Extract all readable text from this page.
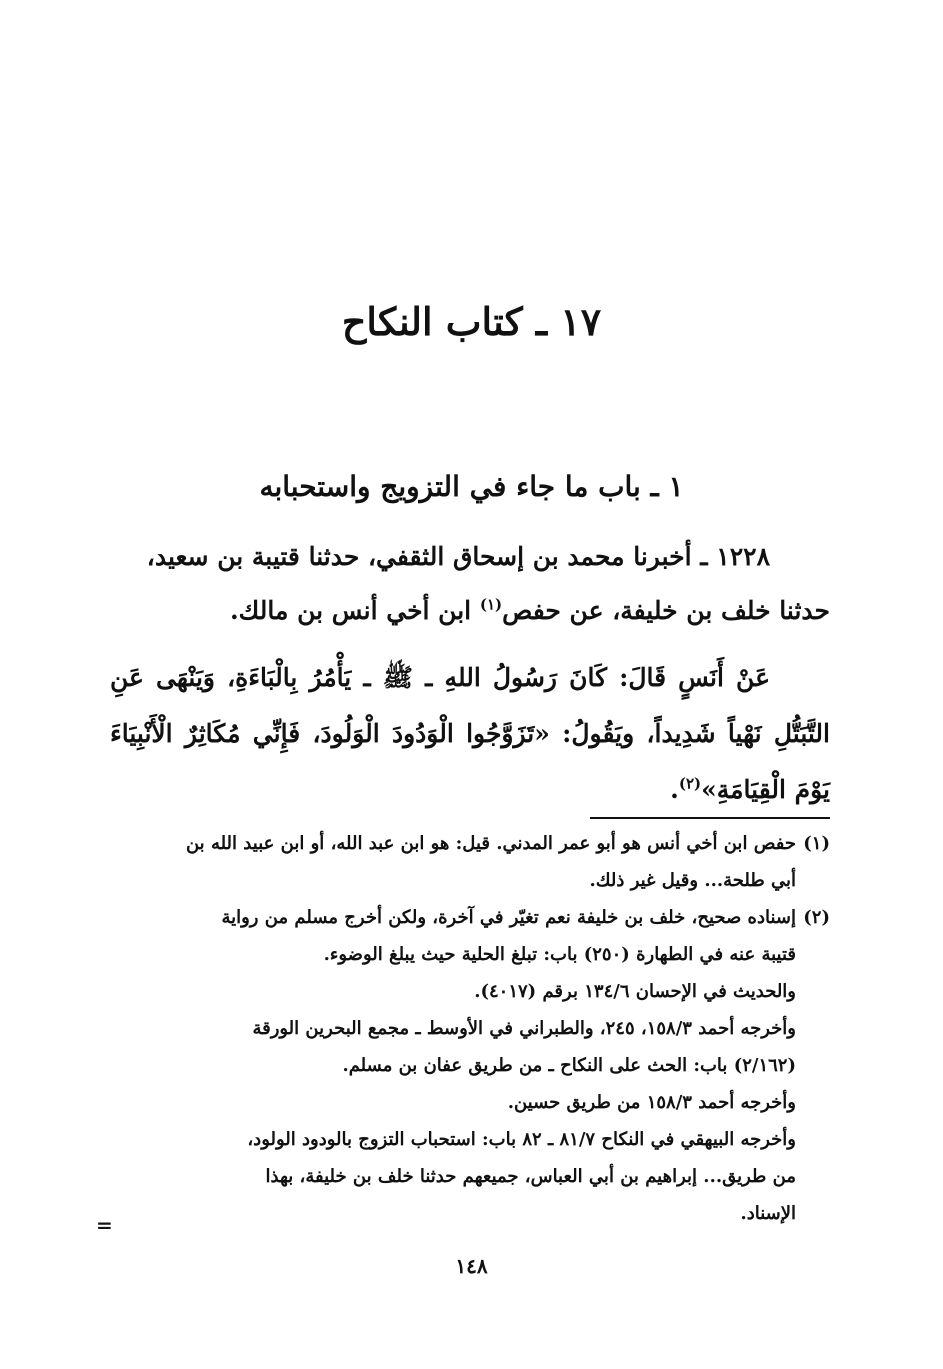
١٧ ـ كتاب النكاح
١ ـ باب ما جاء في التزويج واستحبابه

١٢٢٨ ـ أخبرنا محمد بن إسحاق الثقفي، حدثنا قتيبة بن سعيد،

حدثنا خلف بن خليفة، عن حفص$^{(١)}$ ابن أخي أنس بن مالك.

عَنْ أَنَسٍ قَالَ: كَانَ رَسُولُ اللهِ ـ ﷺ ـ يَأْمُرُ بِالْبَاءَةِ، وَيَنْهَى عَنِ التَّبَتُّلِ نَهْياً شَدِيداً، ويَقُولُ: «تَزَوَّجُوا الْوَدُودَ الْوَلُودَ، فَإِنِّي مُكَاثِرٌ الْأَنْبِيَاءَ يَوْمَ الْقِيَامَةِ»$^{(٢)}$.

(١)
حفص ابن أخي أنس هو أبو عمر المدني. قيل: هو ابن عبد الله، أو ابن عبيد الله بن
أبي طلحة... وقيل غير ذلك.
(٢)
إسناده صحيح، خلف بن خليفة نعم تغيّر في آخرة، ولكن أخرج مسلم من رواية
قتيبة عنه في الطهارة (٢٥٠) باب: تبلغ الحلية حيث يبلغ الوضوء.
والحديث في الإحسان ١٣٤/٦ برقم (٤٠١٧).
وأخرجه أحمد ١٥٨/٣، ٢٤٥، والطبراني في الأوسط ـ مجمع البحرين الورقة
(٢/١٦٢) باب: الحث على النكاح ـ من طريق عفان بن مسلم.
وأخرجه أحمد ١٥٨/٣ من طريق حسين.
وأخرجه البيهقي في النكاح ٨١/٧ ـ ٨٢ باب: استحباب التزوج بالودود الولود،
من طريق... إبراهيم بن أبي العباس، جميعهم حدثنا خلف بن خليفة، بهذا
الإسناد.
=
١٤٨
